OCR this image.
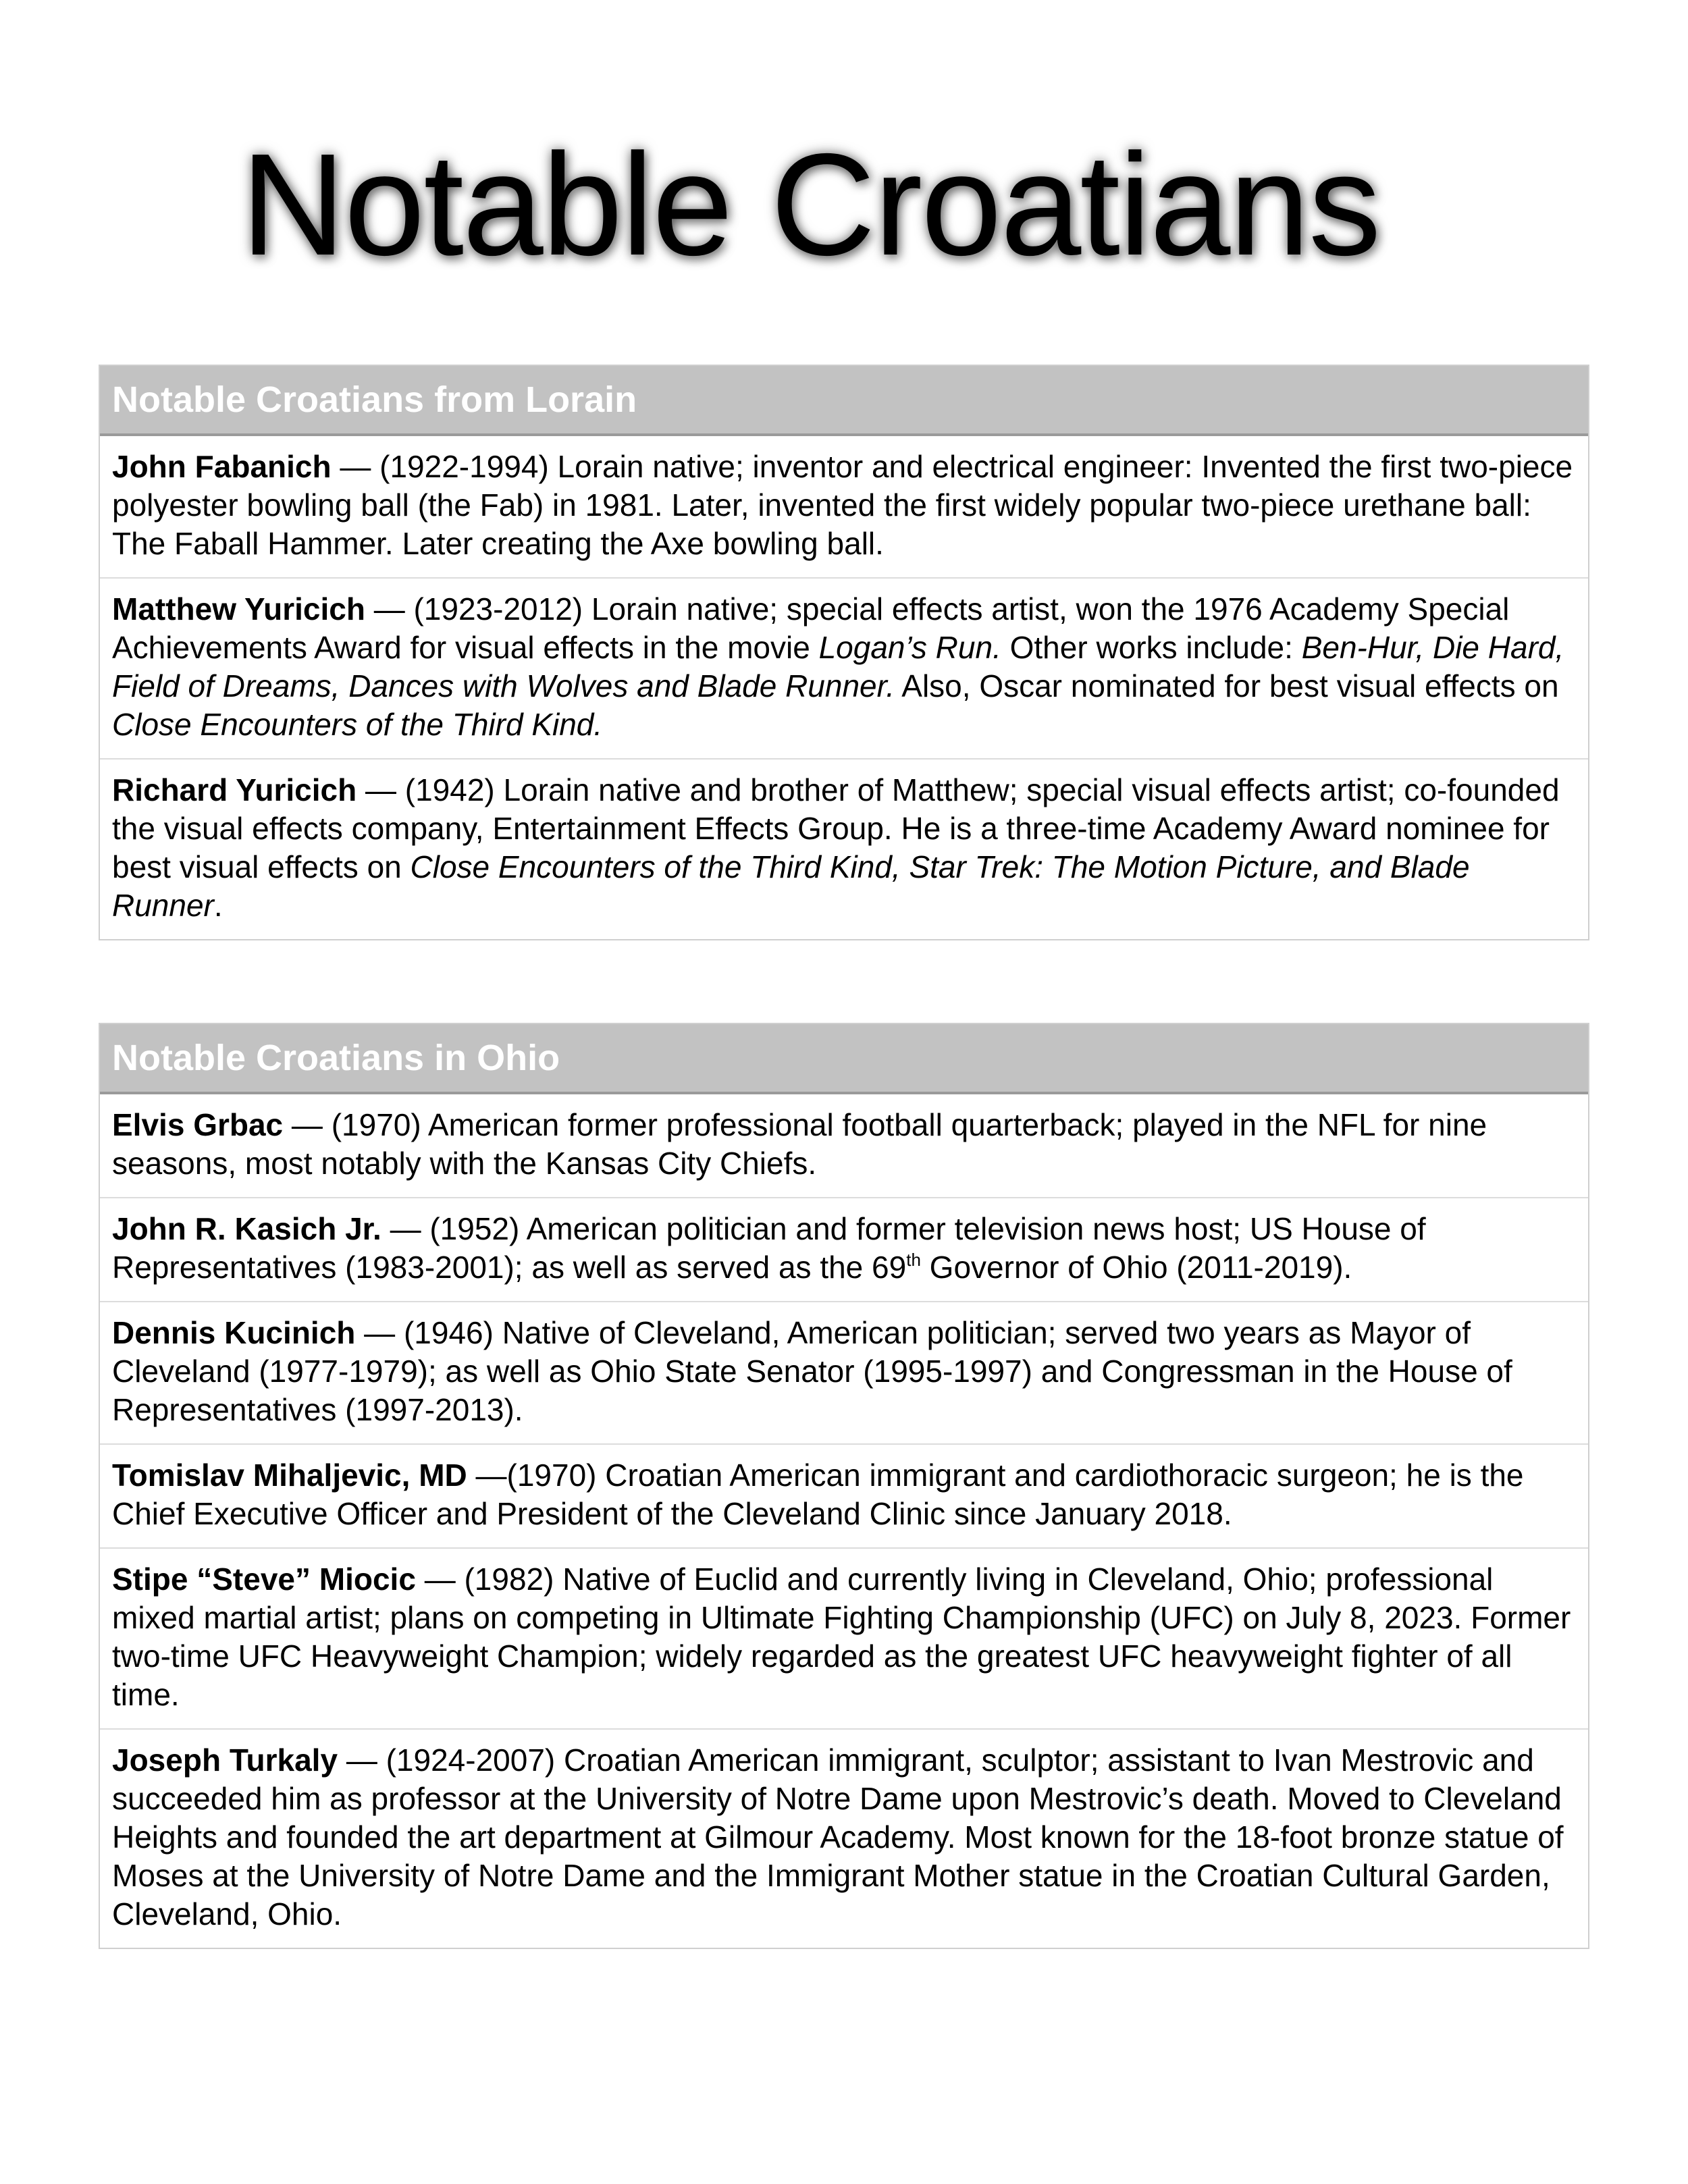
Notable Croatians
Notable Croatians from Lorain
John Fabanich — (1922-1994) Lorain native; inventor and electrical engineer: Invented the first two-piece polyester bowling ball (the Fab) in 1981. Later, invented the first widely popular two-piece urethane ball: The Faball Hammer. Later creating the Axe bowling ball.
Matthew Yuricich — (1923-2012) Lorain native; special effects artist, won the 1976 Academy Special Achievements Award for visual effects in the movie Logan’s Run. Other works include: Ben-Hur, Die Hard, Field of Dreams, Dances with Wolves and Blade Runner. Also, Oscar nominated for best visual effects on Close Encounters of the Third Kind.
Richard Yuricich — (1942) Lorain native and brother of Matthew; special visual effects artist; co-founded the visual effects company, Entertainment Effects Group. He is a three-time Academy Award nominee for best visual effects on Close Encounters of the Third Kind, Star Trek: The Motion Picture, and Blade Runner.
Notable Croatians in Ohio
Elvis Grbac — (1970) American former professional football quarterback; played in the NFL for nine seasons, most notably with the Kansas City Chiefs.
John R. Kasich Jr. — (1952) American politician and former television news host; US House of Representatives (1983-2001); as well as served as the 69th Governor of Ohio (2011-2019).
Dennis Kucinich — (1946) Native of Cleveland, American politician; served two years as Mayor of Cleveland (1977-1979); as well as Ohio State Senator (1995-1997) and Congressman in the House of Representatives (1997-2013).
Tomislav Mihaljevic, MD —(1970) Croatian American immigrant and cardiothoracic surgeon; he is the Chief Executive Officer and President of the Cleveland Clinic since January 2018.
Stipe “Steve” Miocic — (1982) Native of Euclid and currently living in Cleveland, Ohio; professional mixed martial artist; plans on competing in Ultimate Fighting Championship (UFC) on July 8, 2023. Former two-time UFC Heavyweight Champion; widely regarded as the greatest UFC heavyweight fighter of all time.
Joseph Turkaly — (1924-2007) Croatian American immigrant, sculptor; assistant to Ivan Mestrovic and succeeded him as professor at the University of Notre Dame upon Mestrovic’s death. Moved to Cleveland Heights and founded the art department at Gilmour Academy. Most known for the 18-foot bronze statue of Moses at the University of Notre Dame and the Immigrant Mother statue in the Croatian Cultural Garden, Cleveland, Ohio.
